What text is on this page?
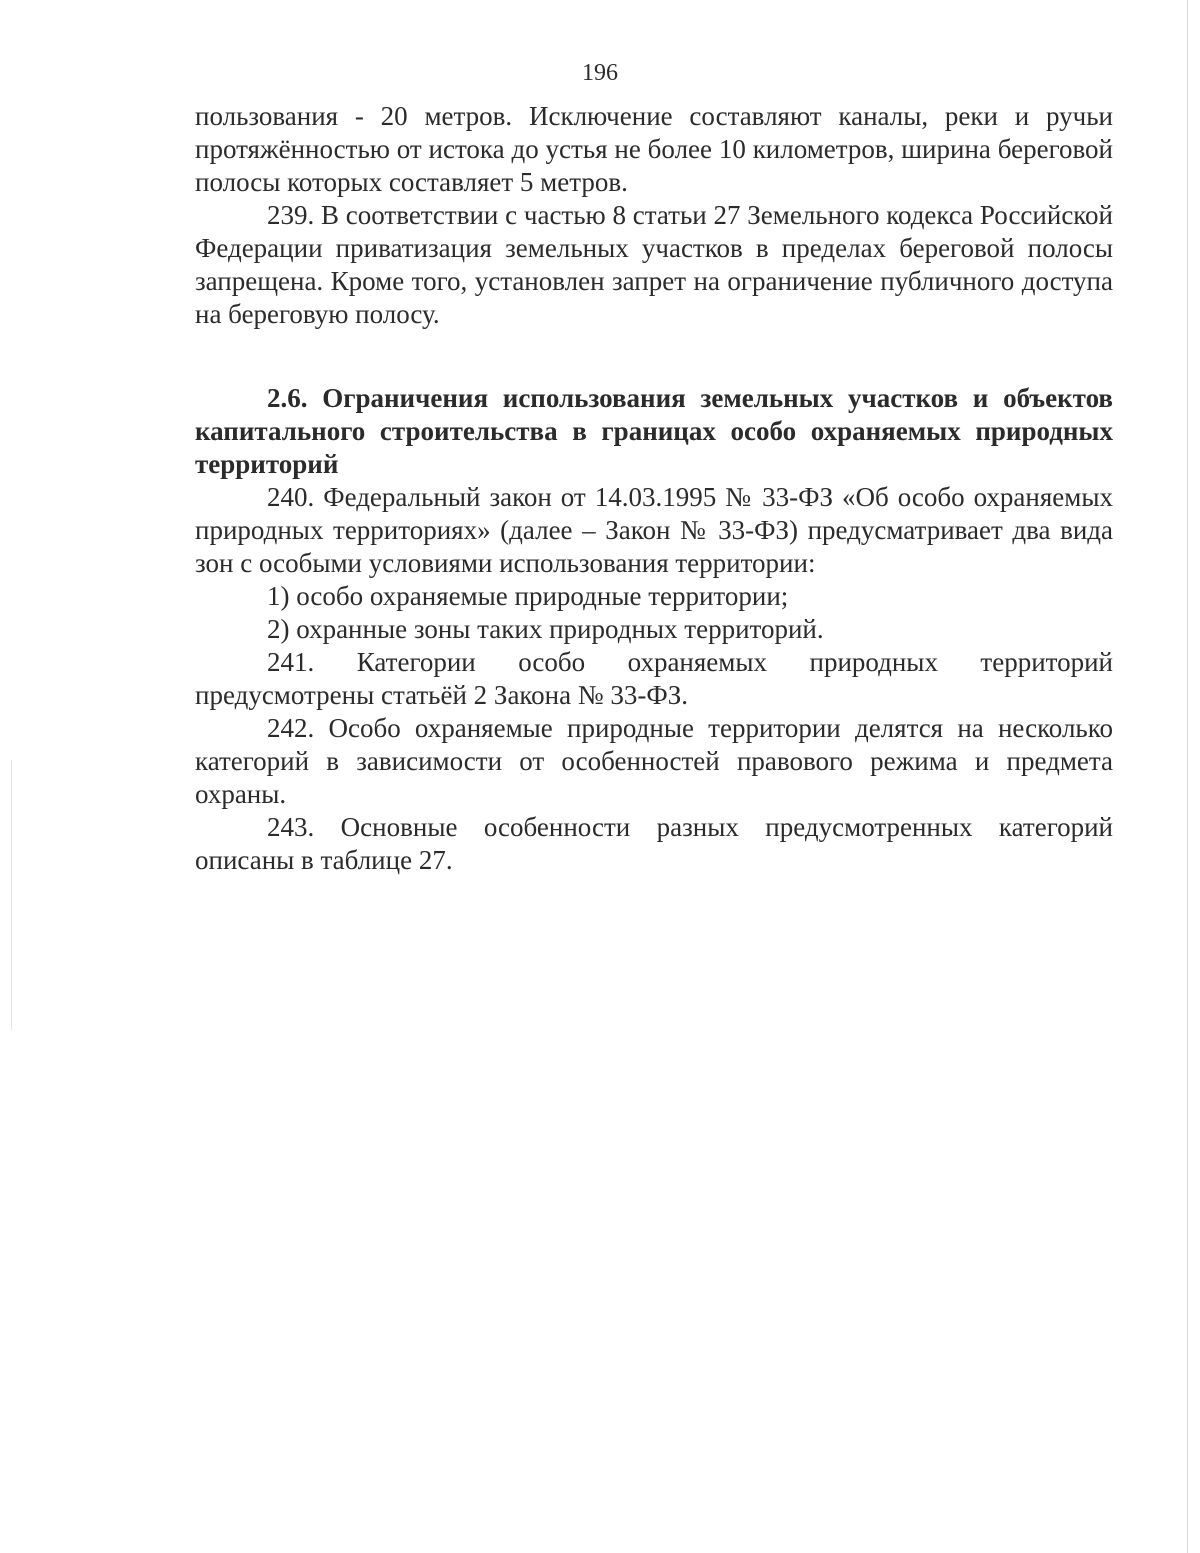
196

пользования - 20 метров. Исключение составляют каналы, реки и ручьи протяжённостью от истока до устья не более 10 километров, ширина береговой полосы которых составляет 5 метров.

239. В соответствии с частью 8 статьи 27 Земельного кодекса Российской Федерации приватизация земельных участков в пределах береговой полосы запрещена. Кроме того, установлен запрет на ограничение публичного доступа на береговую полосу.

2.6. Ограничения использования земельных участков и объектов капитального строительства в границах особо охраняемых природных территорий

240. Федеральный закон от 14.03.1995 № 33-ФЗ «Об особо охраняемых природных территориях» (далее – Закон № 33-ФЗ) предусматривает два вида зон с особыми условиями использования территории:

1) особо охраняемые природные территории;

2) охранные зоны таких природных территорий.

241. Категории особо охраняемых природных территорий предусмотрены статьёй 2 Закона № 33-ФЗ.

242. Особо охраняемые природные территории делятся на несколько категорий в зависимости от особенностей правового режима и предмета охраны.

243. Основные особенности разных предусмотренных категорий описаны в таблице 27.
